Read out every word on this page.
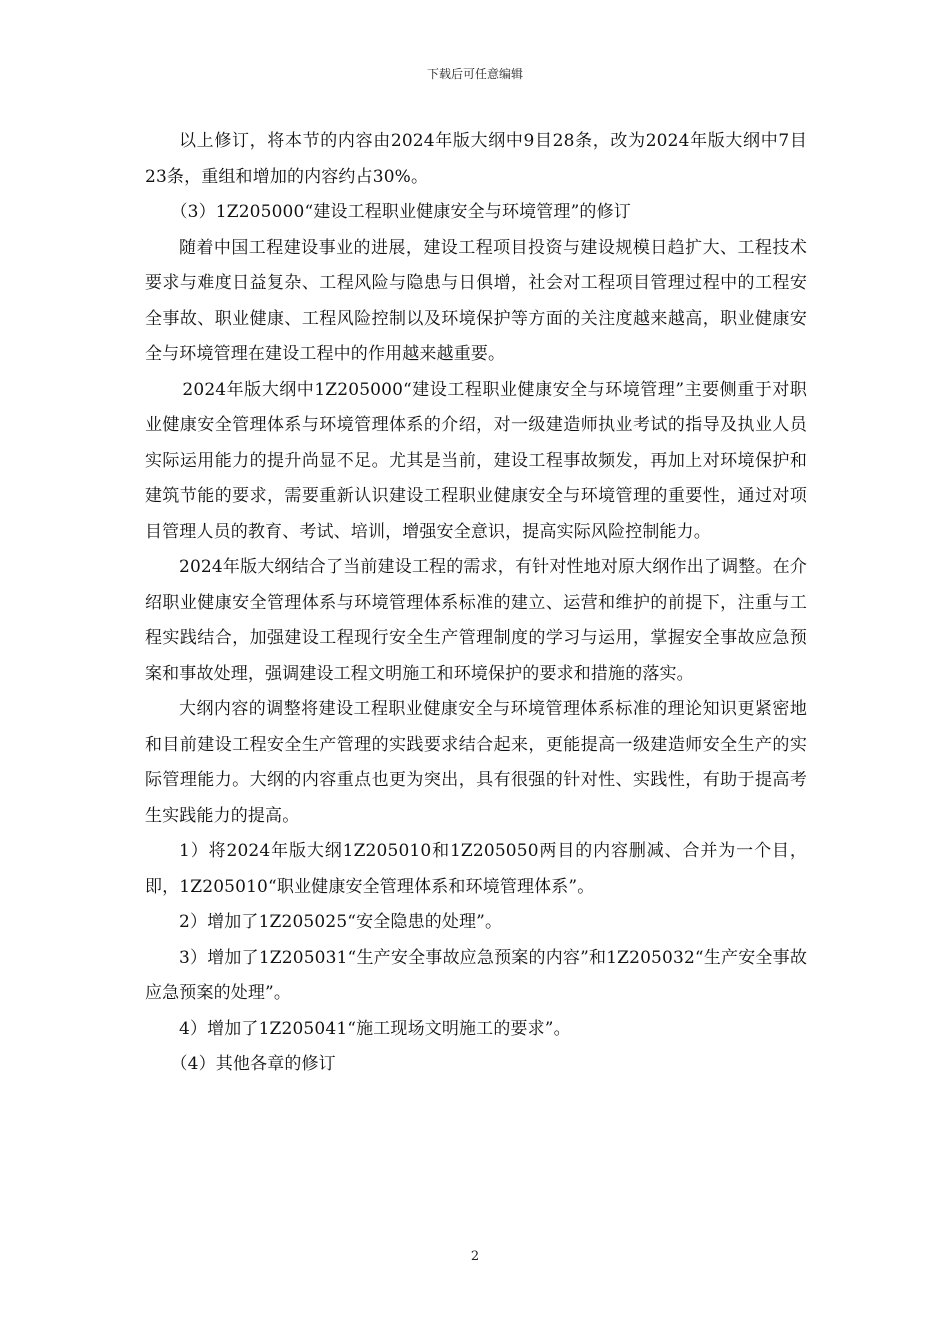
下载后可任意编辑

以上修订，将本节的内容由2024年版大纲中9目28条，改为2024年版大纲中7目23条，重组和增加的内容约占30%。

（3）1Z205000“建设工程职业健康安全与环境管理”的修订

随着中国工程建设事业的进展，建设工程项目投资与建设规模日趋扩大、工程技术要求与难度日益复杂、工程风险与隐患与日俱增，社会对工程项目管理过程中的工程安全事故、职业健康、工程风险控制以及环境保护等方面的关注度越来越高，职业健康安全与环境管理在建设工程中的作用越来越重要。

2024年版大纲中1Z205000“建设工程职业健康安全与环境管理”主要侧重于对职业健康安全管理体系与环境管理体系的介绍，对一级建造师执业考试的指导及执业人员实际运用能力的提升尚显不足。尤其是当前，建设工程事故频发，再加上对环境保护和建筑节能的要求，需要重新认识建设工程职业健康安全与环境管理的重要性，通过对项目管理人员的教育、考试、培训，增强安全意识，提高实际风险控制能力。

2024年版大纲结合了当前建设工程的需求，有针对性地对原大纲作出了调整。在介绍职业健康安全管理体系与环境管理体系标准的建立、运营和维护的前提下，注重与工程实践结合，加强建设工程现行安全生产管理制度的学习与运用，掌握安全事故应急预案和事故处理，强调建设工程文明施工和环境保护的要求和措施的落实。

大纲内容的调整将建设工程职业健康安全与环境管理体系标准的理论知识更紧密地和目前建设工程安全生产管理的实践要求结合起来，更能提高一级建造师安全生产的实际管理能力。大纲的内容重点也更为突出，具有很强的针对性、实践性，有助于提高考生实践能力的提高。

1）将2024年版大纲1Z205010和1Z205050两目的内容删减、合并为一个目，即，1Z205010“职业健康安全管理体系和环境管理体系”。

2）增加了1Z205025“安全隐患的处理”。

3）增加了1Z205031“生产安全事故应急预案的内容”和1Z205032“生产安全事故应急预案的处理”。

4）增加了1Z205041“施工现场文明施工的要求”。

（4）其他各章的修订

2
